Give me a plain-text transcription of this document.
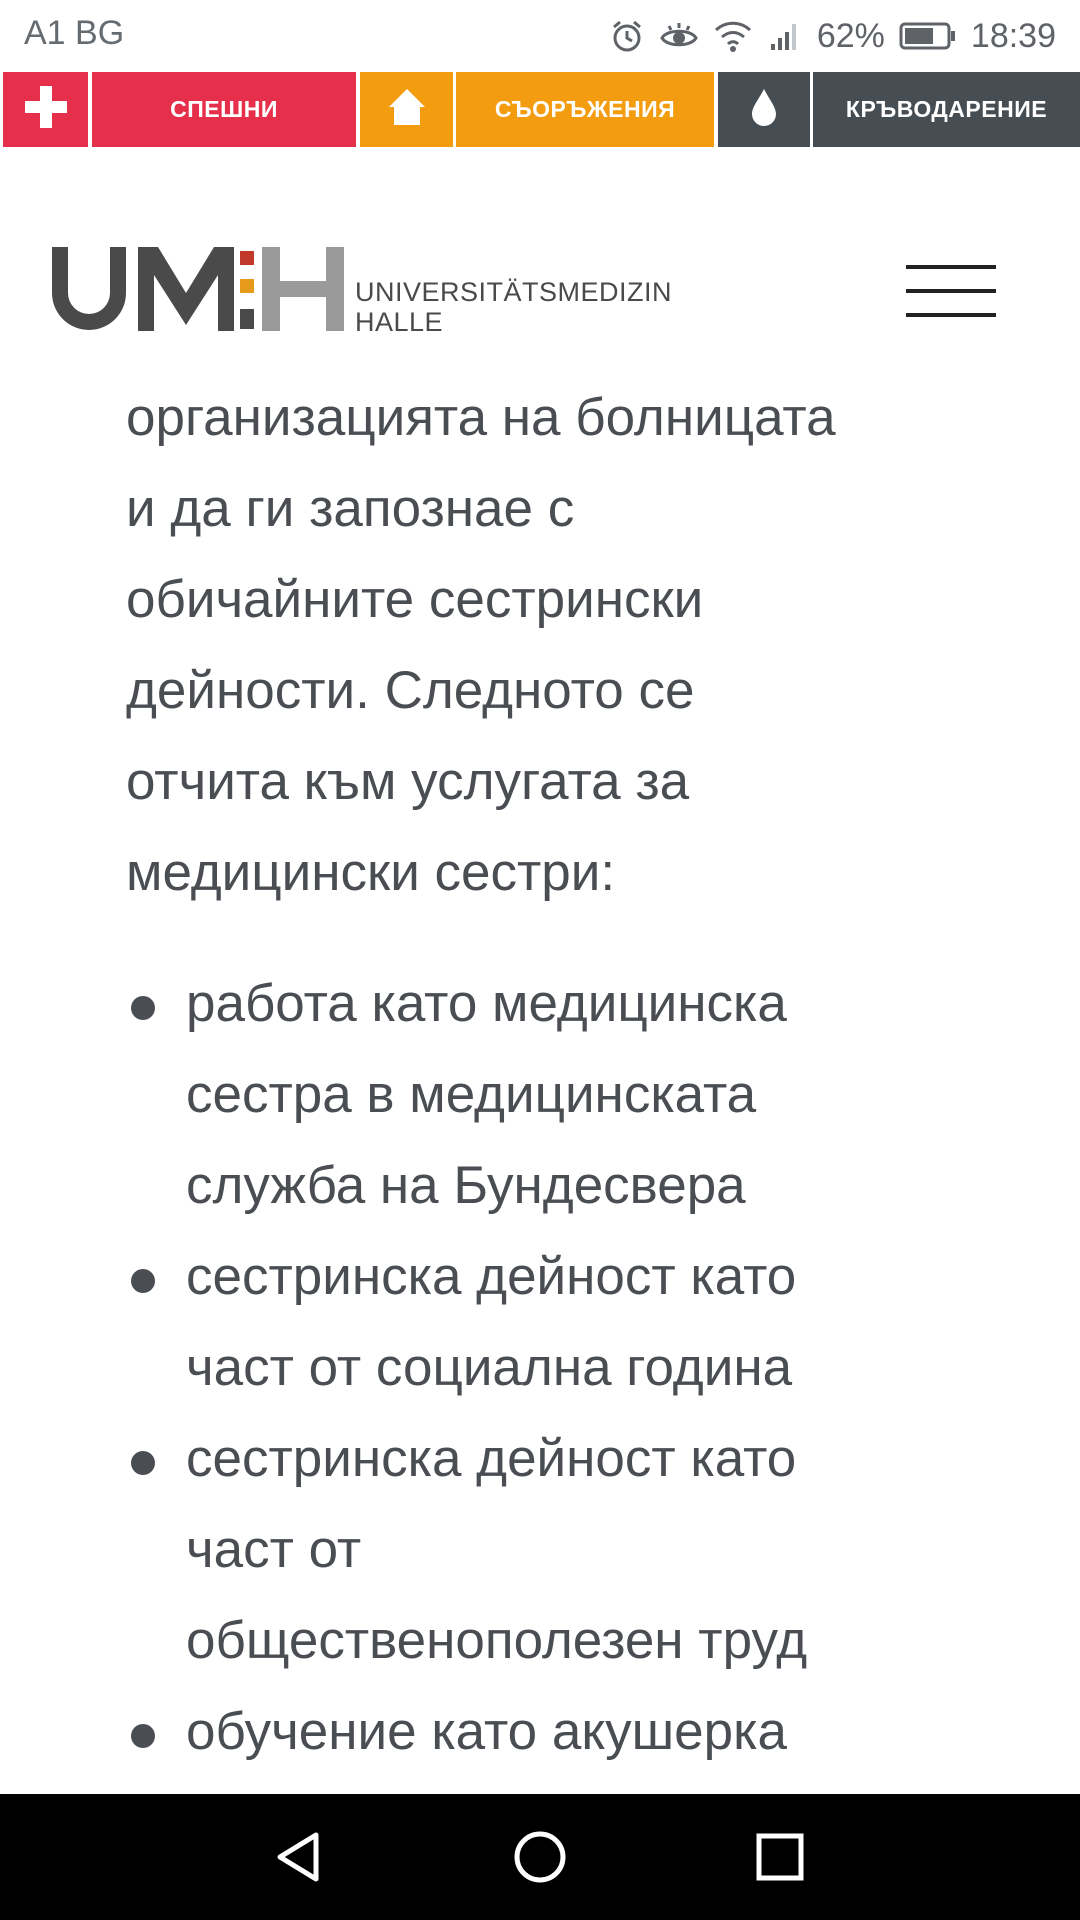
A1 BG	62%	18:39
СПЕШНИ	СЪОРЪЖЕНИЯ	КРЪВОДАРЕНИЕ
UNIVERSITÄTSMEDIZIN
HALLE

организацията на болницата
и да ги запознае с
обичайните сестрински
дейности. Следното се
отчита към услугата за
медицински сестри:

работа като медицинска
сестра в медицинската
служба на Бундесвера
сестринска дейност като
част от социална година
сестринска дейност като
част от
общественополезен труд
обучение като акушерка
